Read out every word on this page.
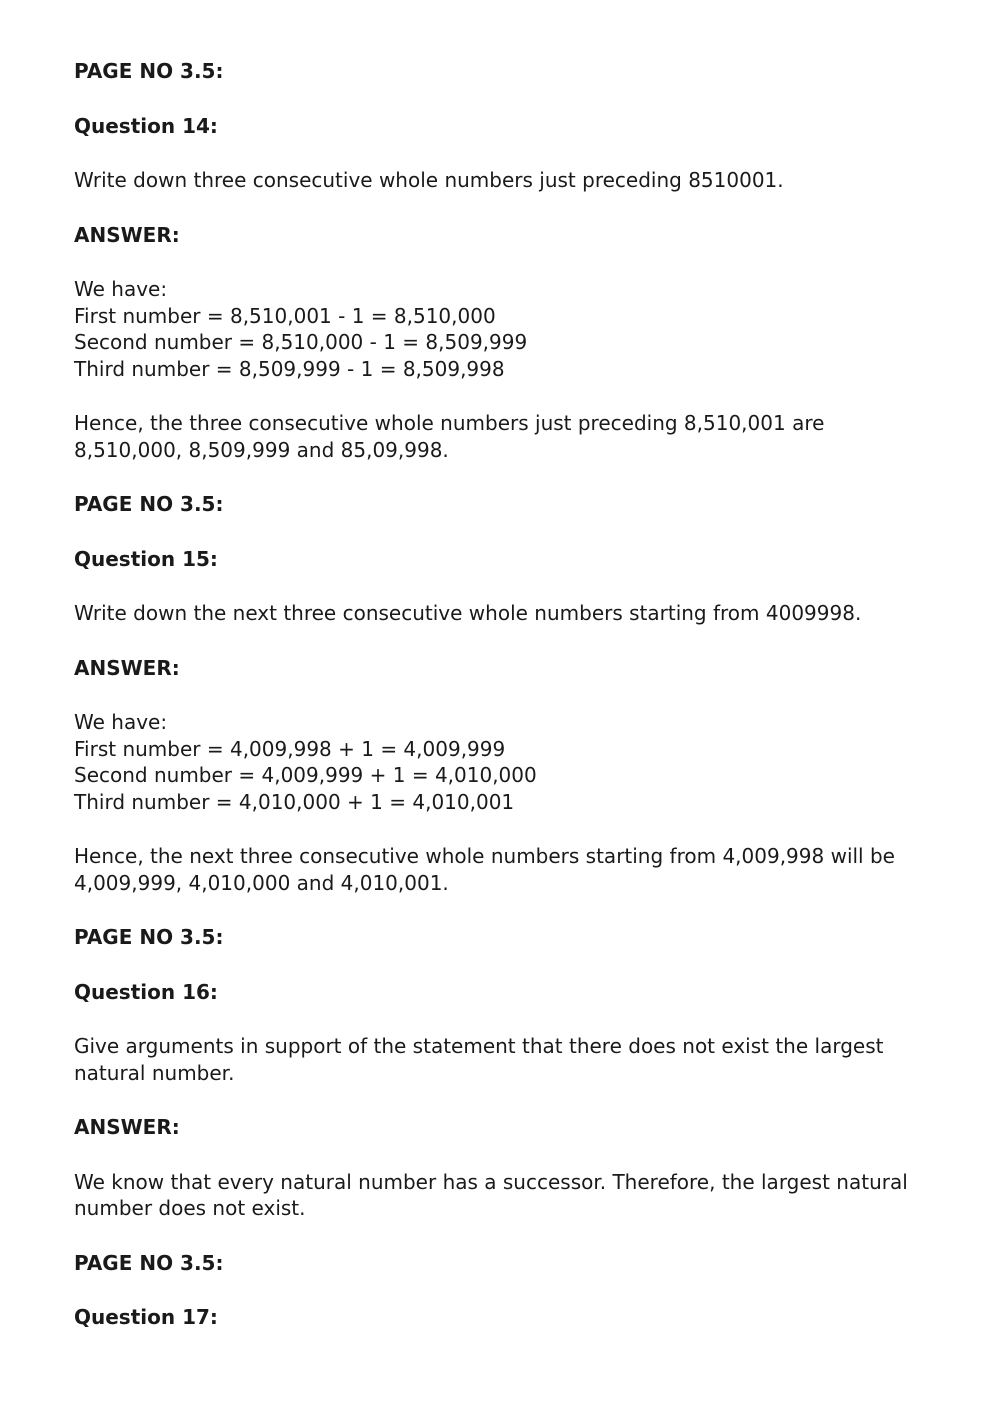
PAGE NO 3.5:

Question 14:

Write down three consecutive whole numbers just preceding 8510001.

ANSWER:

We have:
First number = 8,510,001 - 1 = 8,510,000
Second number = 8,510,000 - 1 = 8,509,999
Third number = 8,509,999 - 1 = 8,509,998

Hence, the three consecutive whole numbers just preceding 8,510,001 are 8,510,000, 8,509,999 and 85,09,998.

PAGE NO 3.5:

Question 15:

Write down the next three consecutive whole numbers starting from 4009998.

ANSWER:

We have:
First number = 4,009,998 + 1 = 4,009,999
Second number = 4,009,999 + 1 = 4,010,000
Third number = 4,010,000 + 1 = 4,010,001

Hence, the next three consecutive whole numbers starting from 4,009,998 will be 4,009,999, 4,010,000 and 4,010,001.

PAGE NO 3.5:

Question 16:

Give arguments in support of the statement that there does not exist the largest natural number.

ANSWER:

We know that every natural number has a successor. Therefore, the largest natural number does not exist.

PAGE NO 3.5:

Question 17:
